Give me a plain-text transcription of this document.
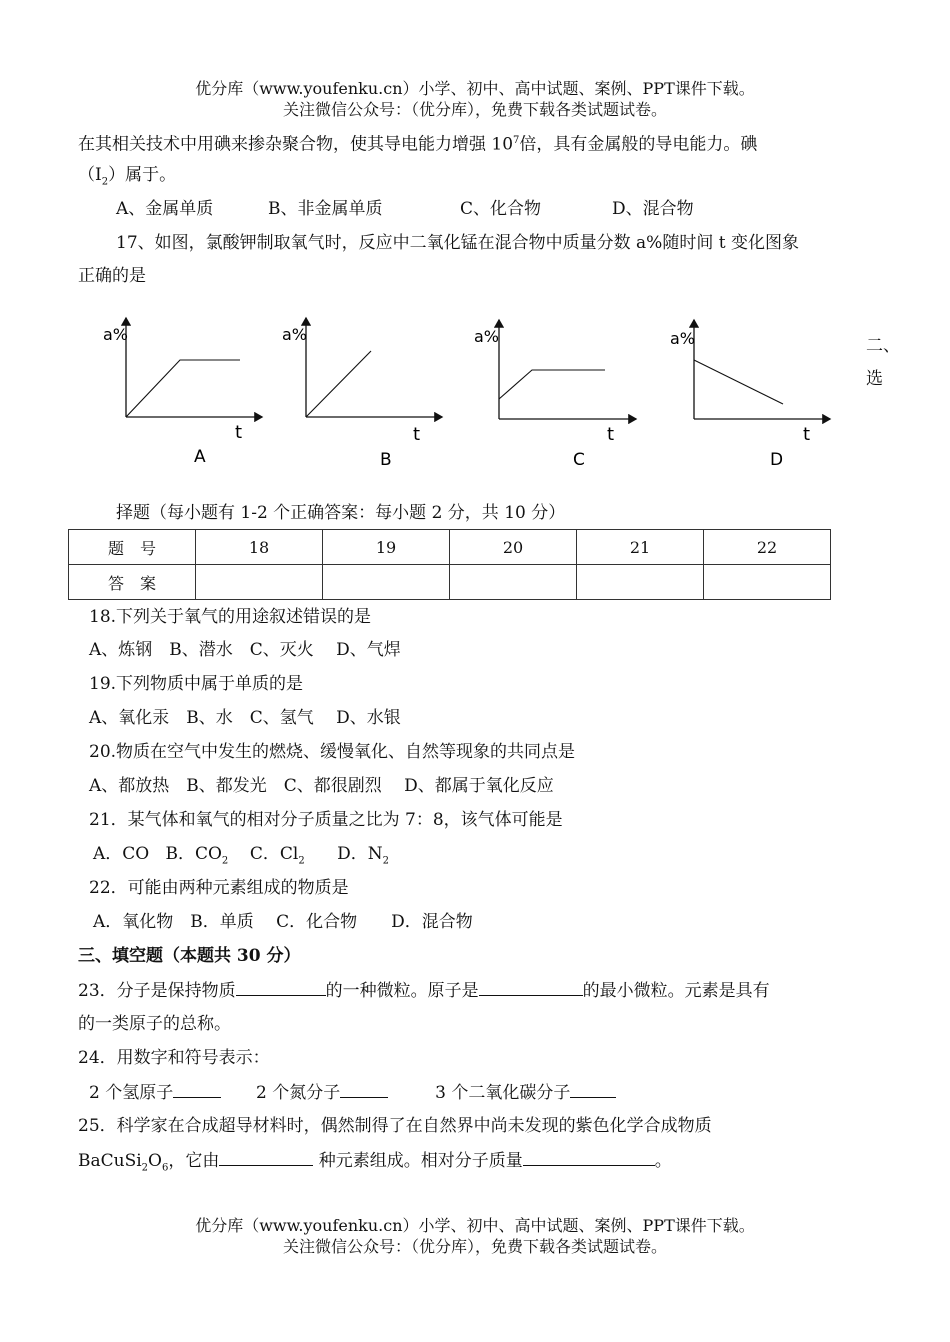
优分库（www.youfenku.cn）小学、初中、高中试题、案例、PPT课件下载。
关注微信公众号：（优分库），免费下载各类试题试卷。
在其相关技术中用碘来掺杂聚合物，使其导电能力增强 $10^7$倍，具有金属般的导电能力。碘
$(I_2)$属于。
A、金属单质	B、非金属单质	C、化合物	D、混合物
17、如图，氯酸钾制取氧气时，反应中二氧化锰在混合物中质量分数 a%随时间 t 变化图象
正确的是
a%
t
A
a%
t
B
a%
t
C
a%
t
D
二、
选
择题（每小题有 1-2 个正确答案：每小题 2 分，共 10 分）
题　号	18	19	20	21	22
答　案					
18.下列关于氧气的用途叙述错误的是
A、炼钢　B、潜水　C、灭火　 D、气焊
19.下列物质中属于单质的是
A、氧化汞　B、水　C、氢气　 D、水银
20.物质在空气中发生的燃烧、缓慢氧化、自然等现象的共同点是
A、都放热　B、都发光　C、都很剧烈　 D、都属于氧化反应
21．某气体和氧气的相对分子质量之比为 7：8，该气体可能是
A．CO B．$CO_2$ C．$Cl_2$ D．$N_2$
22．可能由两种元素组成的物质是
A．氧化物　B．单质　 C．化合物　　D．混合物
三、填空题（本题共 30 分）
23．分子是保持物质	的一种微粒。原子是	的最小微粒。元素是具有
的一类原子的总称。
24．用数字和符号表示：
2 个氢原子	2 个氮分子	3 个二氧化碳分子
25．科学家在合成超导材料时，偶然制得了在自然界中尚未发现的紫色化学合成物质
$BaCuSi_2O_6$，它由	种元素组成。相对分子质量	。
优分库（www.youfenku.cn）小学、初中、高中试题、案例、PPT课件下载。
关注微信公众号：（优分库），免费下载各类试题试卷。
